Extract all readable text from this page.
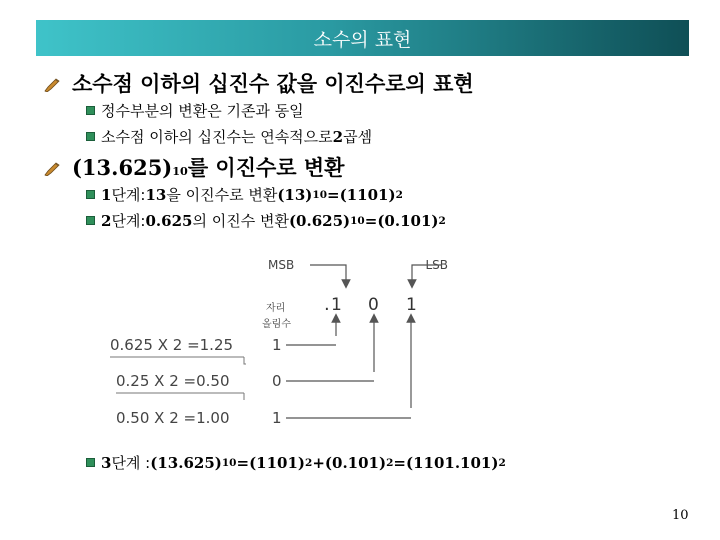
소수의 표현
소수점 이하의 십진수 값을 이진수로의 표현
정수부분의 변환은 기존과 동일
소수점 이하의 십진수는 연속적으로 2 곱셈
$(13.625)_{10}$ 를 이진수로 변환
1 단계: 13 을 이진수로 변환 (13) 10 = (1101) 2
2 단계: 0.625 의 이진수 변환 (0.625) 10 = (0.101) 2
MSB	LSB
자리
올림수
. 1 0 1
0.625 X 2 =1.25	1
0.25 X 2 =0.50	0
0.50 X 2 =1.00	1
3 단계 : (13.625) 10 = (1101) 2 + (0.101) 2 = (1101.101) 2
10
